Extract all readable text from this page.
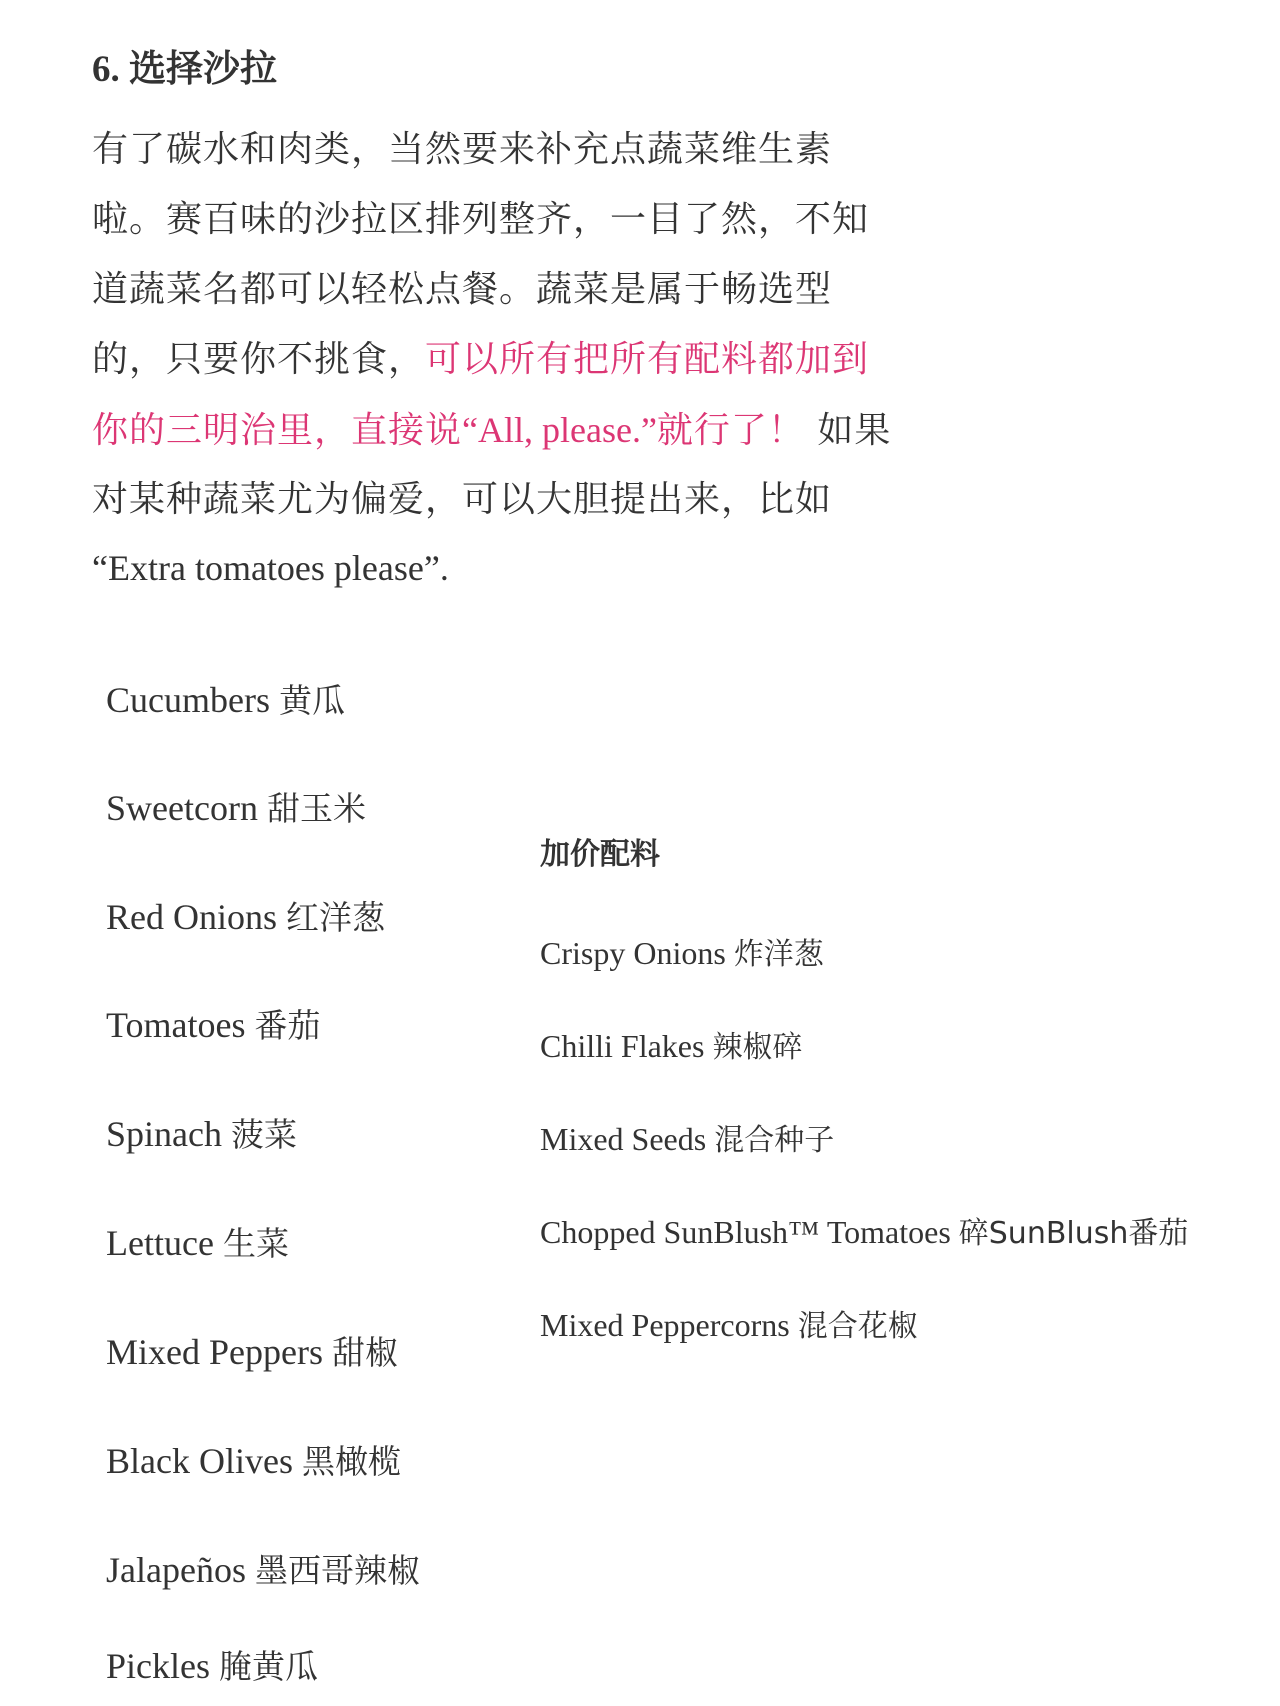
6. 选择沙拉
有了碳水和肉类，当然要来补充点蔬菜维生素
啦。赛百味的沙拉区排列整齐，一目了然，不知
道蔬菜名都可以轻松点餐。蔬菜是属于畅选型
的，只要你不挑食，可以所有把所有配料都加到
你的三明治里，直接说“All, please.”就行了！ 如果
对某种蔬菜尤为偏爱，可以大胆提出来，比如
“Extra tomatoes please”.
Cucumbers 黄瓜
Sweetcorn 甜玉米
Red Onions 红洋葱
Tomatoes 番茄
Spinach 菠菜
Lettuce 生菜
Mixed Peppers 甜椒
Black Olives 黑橄榄
Jalapeños 墨西哥辣椒
Pickles 腌黄瓜
加价配料
Crispy Onions 炸洋葱
Chilli Flakes 辣椒碎
Mixed Seeds 混合种子
Chopped SunBlush™ Tomatoes 碎SunBlush番茄
Mixed Peppercorns 混合花椒
